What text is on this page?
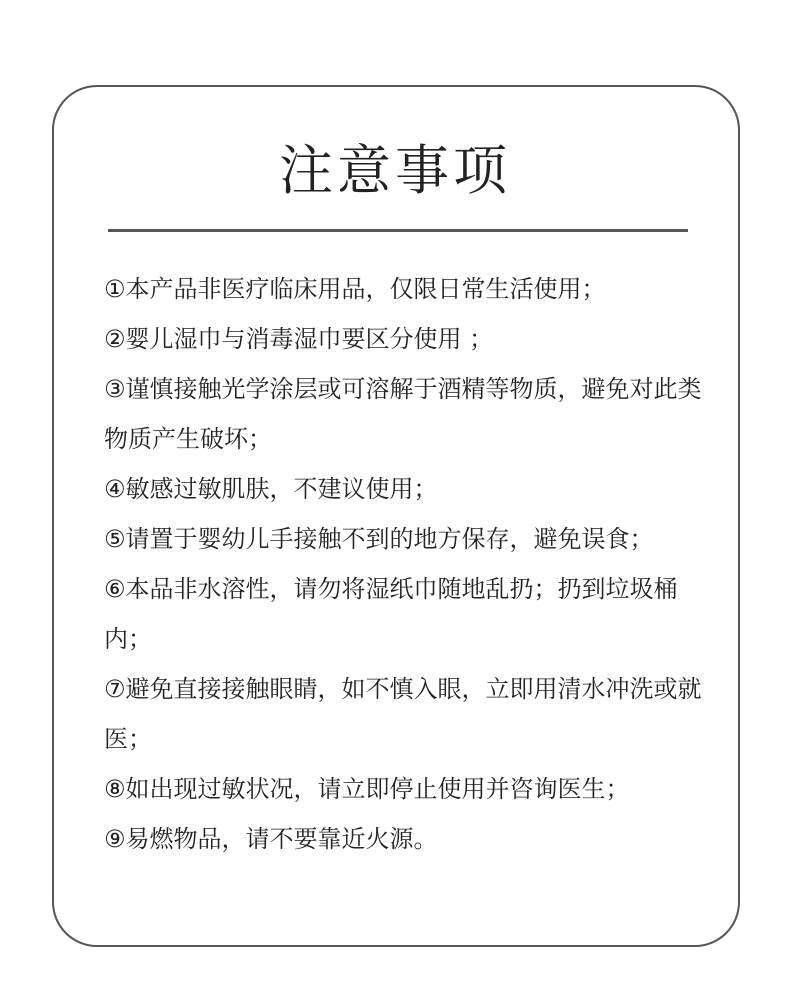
注意事项
①本产品非医疗临床用品，仅限日常生活使用；
②婴儿湿巾与消毒湿巾要区分使用 ；
③谨慎接触光学涂层或可溶解于酒精等物质，避免对此类物质产生破坏；
④敏感过敏肌肤，不建议使用；
⑤请置于婴幼儿手接触不到的地方保存，避免误食；
⑥本品非水溶性，请勿将湿纸巾随地乱扔；扔到垃圾桶内；
⑦避免直接接触眼睛，如不慎入眼，立即用清水冲洗或就医；
⑧如出现过敏状况，请立即停止使用并咨询医生；
⑨易燃物品，请不要靠近火源。
